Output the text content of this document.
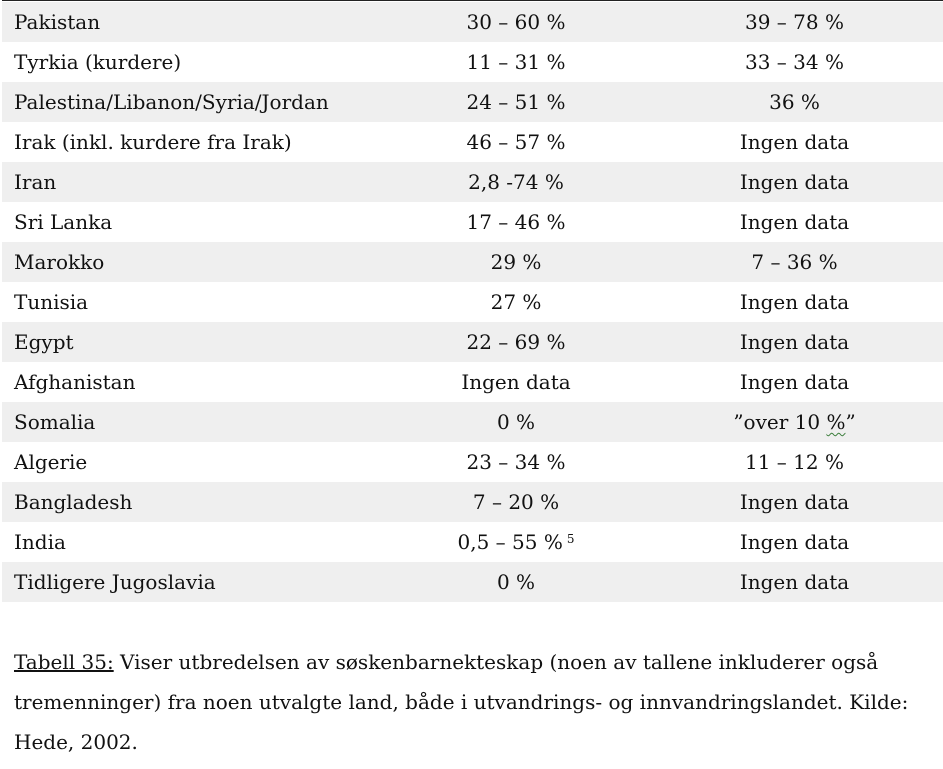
Pakistan	30 – 60 %	39 – 78 %
Tyrkia (kurdere)	11 – 31 %	33 – 34 %
Palestina/Libanon/Syria/Jordan	24 – 51 %	36 %
Irak (inkl. kurdere fra Irak)	46 – 57 %	Ingen data
Iran	2,8 -74 %	Ingen data
Sri Lanka	17 – 46 %	Ingen data
Marokko	29 %	7 – 36 %
Tunisia	27 %	Ingen data
Egypt	22 – 69 %	Ingen data
Afghanistan	Ingen data	Ingen data
Somalia	0 %	”over 10 %”
Algerie	23 – 34 %	11 – 12 %
Bangladesh	7 – 20 %	Ingen data
India	0,5 – 55 % $^5$	Ingen data
Tidligere Jugoslavia	0 %	Ingen data
Tabell 35: Viser utbredelsen av søskenbarnekteskap (noen av tallene inkluderer også tremenninger) fra noen utvalgte land, både i utvandrings- og innvandringslandet. Kilde: Hede, 2002.
